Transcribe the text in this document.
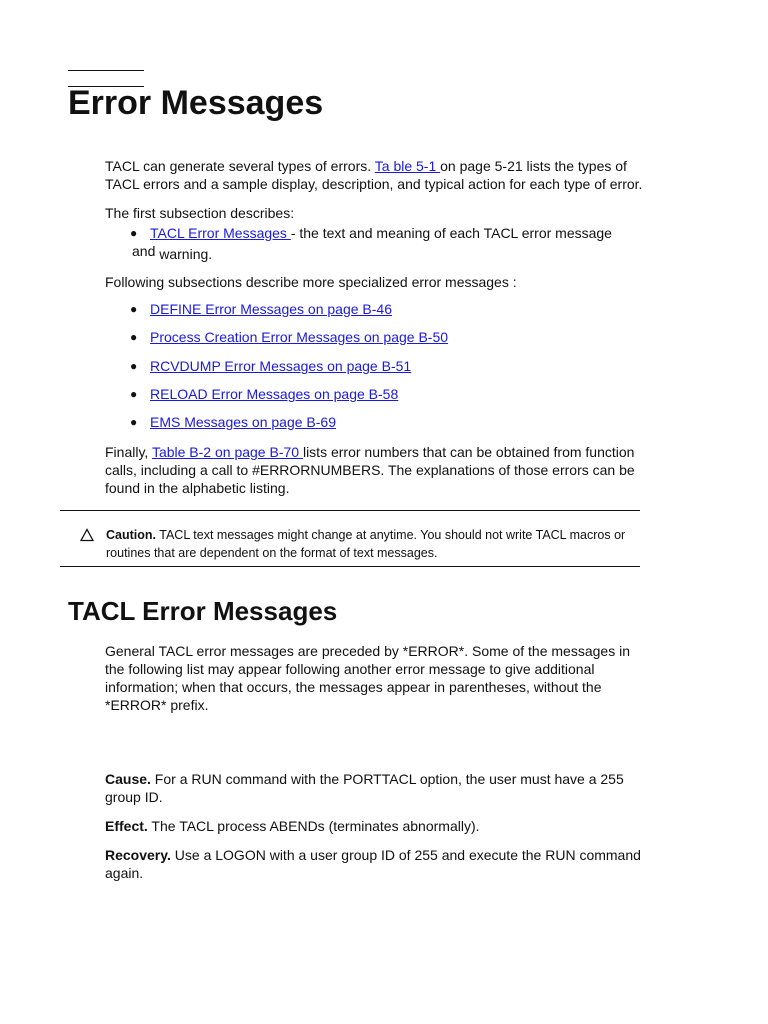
Error Messages
TACL can generate several types of errors. Ta ble 5-1 on page 5-21 lists the types of
TACL errors and a sample display, description, and typical action for each type of error.
The first subsection describes:
● TACL Error Messages - the text and meaning of each TACL error message
and warning.
Following subsections describe more specialized error messages :
● DEFINE Error Messages on page B-46
● Process Creation Error Messages on page B-50
● RCVDUMP Error Messages on page B-51
● RELOAD Error Messages on page B-58
● EMS Messages on page B-69
Finally, Table B-2 on page B-70 lists error numbers that can be obtained from function
calls, including a call to #ERRORNUMBERS. The explanations of those errors can be
found in the alphabetic listing.
Caution. TACL text messages might change at anytime. You should not write TACL macros or
routines that are dependent on the format of text messages.
TACL Error Messages
General TACL error messages are preceded by *ERROR*. Some of the messages in
the following list may appear following another error message to give additional
information; when that occurs, the messages appear in parentheses, without the
*ERROR* prefix.
Cause. For a RUN command with the PORTTACL option, the user must have a 255
group ID.
Effect. The TACL process ABENDs (terminates abnormally).
Recovery. Use a LOGON with a user group ID of 255 and execute the RUN command
again.
